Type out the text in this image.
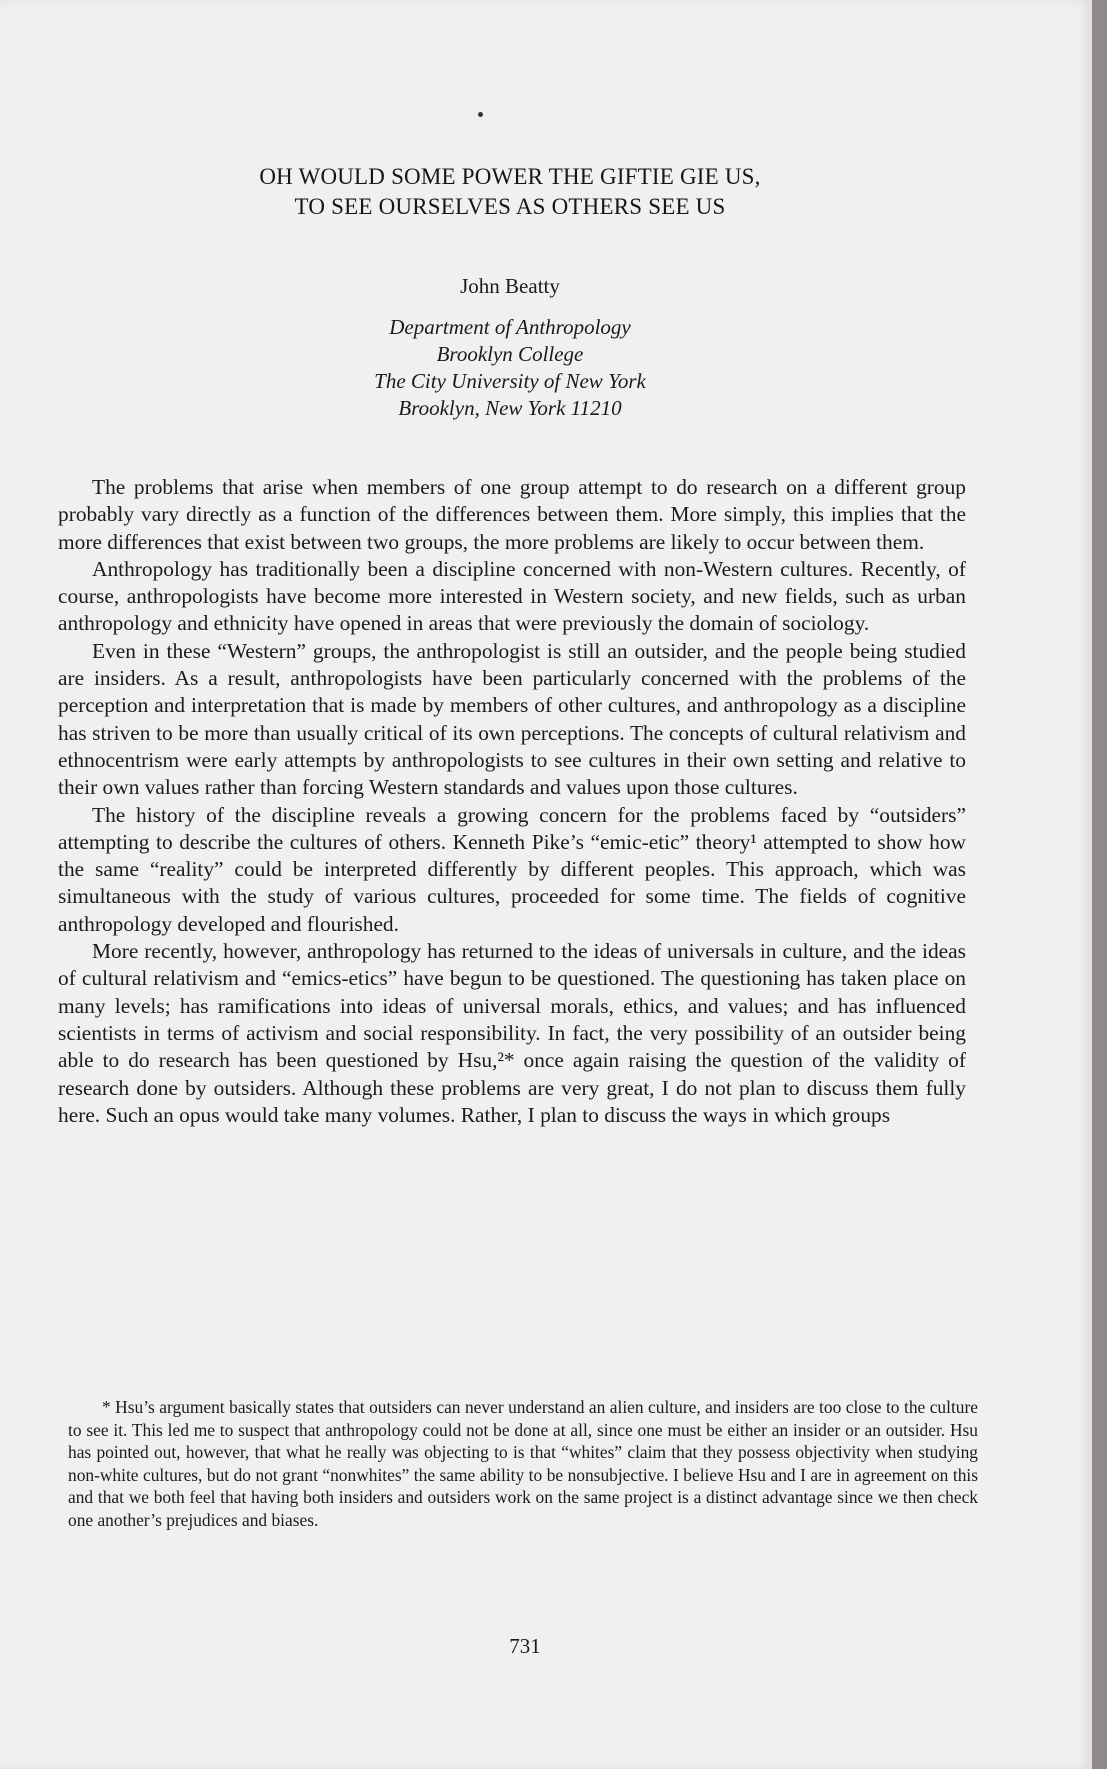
OH WOULD SOME POWER THE GIFTIE GIE US,
TO SEE OURSELVES AS OTHERS SEE US
John Beatty
Department of Anthropology
Brooklyn College
The City University of New York
Brooklyn, New York 11210

The problems that arise when members of one group attempt to do research on a different group probably vary directly as a function of the differences between them. More simply, this implies that the more differences that exist between two groups, the more problems are likely to occur between them.

Anthropology has traditionally been a discipline concerned with non-Western cultures. Recently, of course, anthropologists have become more interested in Western society, and new fields, such as urban anthropology and ethnicity have opened in areas that were previously the domain of sociology.

Even in these “Western” groups, the anthropologist is still an outsider, and the people being studied are insiders. As a result, anthropologists have been particularly concerned with the problems of the perception and interpretation that is made by members of other cultures, and anthropology as a discipline has striven to be more than usually critical of its own perceptions. The concepts of cultural relativism and ethnocentrism were early attempts by anthropologists to see cultures in their own setting and relative to their own values rather than forcing Western standards and values upon those cultures.

The history of the discipline reveals a growing concern for the problems faced by “outsiders” attempting to describe the cultures of others. Kenneth Pike’s “emic-etic” theory¹ attempted to show how the same “reality” could be interpreted differently by different peoples. This approach, which was simultaneous with the study of various cultures, proceeded for some time. The fields of cognitive anthropology developed and flourished.

More recently, however, anthropology has returned to the ideas of universals in culture, and the ideas of cultural relativism and “emics-etics” have begun to be questioned. The questioning has taken place on many levels; has ramifications into ideas of universal morals, ethics, and values; and has influenced scientists in terms of activism and social responsibility. In fact, the very possibility of an outsider being able to do research has been questioned by Hsu,²* once again raising the question of the validity of research done by outsiders. Although these problems are very great, I do not plan to discuss them fully here. Such an opus would take many volumes. Rather, I plan to discuss the ways in which groups

* Hsu’s argument basically states that outsiders can never understand an alien culture, and insiders are too close to the culture to see it. This led me to suspect that anthropology could not be done at all, since one must be either an insider or an outsider. Hsu has pointed out, however, that what he really was objecting to is that “whites” claim that they possess objectivity when studying non-white cultures, but do not grant “nonwhites” the same ability to be nonsubjective. I believe Hsu and I are in agreement on this and that we both feel that having both insiders and outsiders work on the same project is a distinct advantage since we then check one another’s prejudices and biases.

731
